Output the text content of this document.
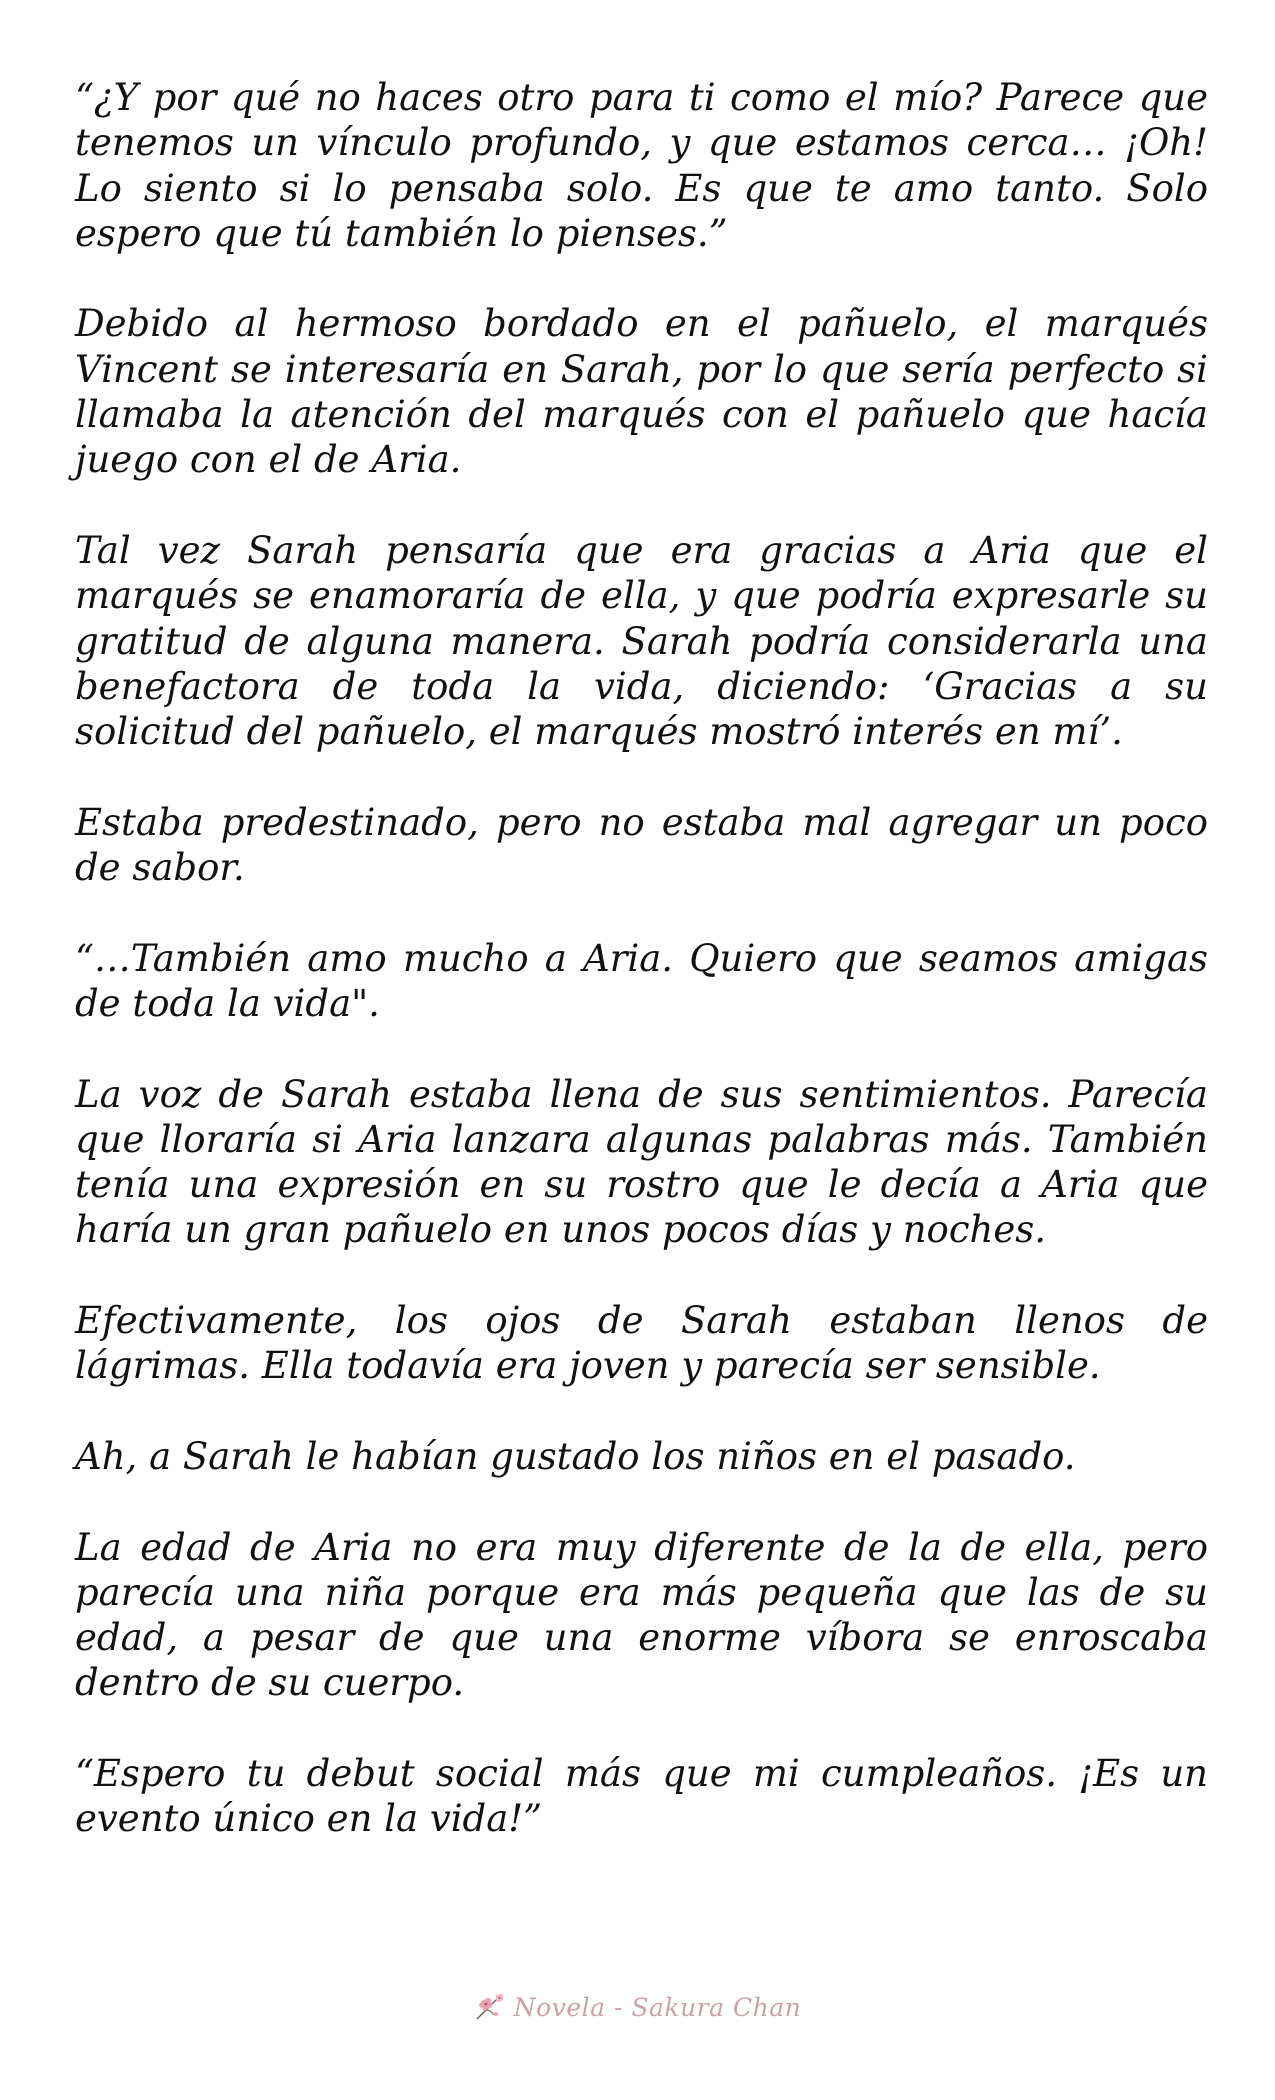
“¿Y por qué no haces otro para ti como el mío? Parece que tenemos un vínculo profundo, y que estamos cerca… ¡Oh! Lo siento si lo pensaba solo. Es que te amo tanto. Solo espero que tú también lo pienses.”

Debido al hermoso bordado en el pañuelo, el marqués Vincent se interesaría en Sarah, por lo que sería perfecto si llamaba la atención del marqués con el pañuelo que hacía juego con el de Aria.

Tal vez Sarah pensaría que era gracias a Aria que el marqués se enamoraría de ella, y que podría expresarle su gratitud de alguna manera. Sarah podría considerarla una benefactora de toda la vida, diciendo: ‘Gracias a su solicitud del pañuelo, el marqués mostró interés en mí’.

Estaba predestinado, pero no estaba mal agregar un poco de sabor.

“…También amo mucho a Aria. Quiero que seamos amigas de toda la vida".

La voz de Sarah estaba llena de sus sentimientos. Parecía que lloraría si Aria lanzara algunas palabras más. También tenía una expresión en su rostro que le decía a Aria que haría un gran pañuelo en unos pocos días y noches.

Efectivamente, los ojos de Sarah estaban llenos de lágrimas. Ella todavía era joven y parecía ser sensible.

Ah, a Sarah le habían gustado los niños en el pasado.

La edad de Aria no era muy diferente de la de ella, pero parecía una niña porque era más pequeña que las de su edad, a pesar de que una enorme víbora se enroscaba dentro de su cuerpo.

“Espero tu debut social más que mi cumpleaños. ¡Es un evento único en la vida!”

Novela - Sakura Chan
